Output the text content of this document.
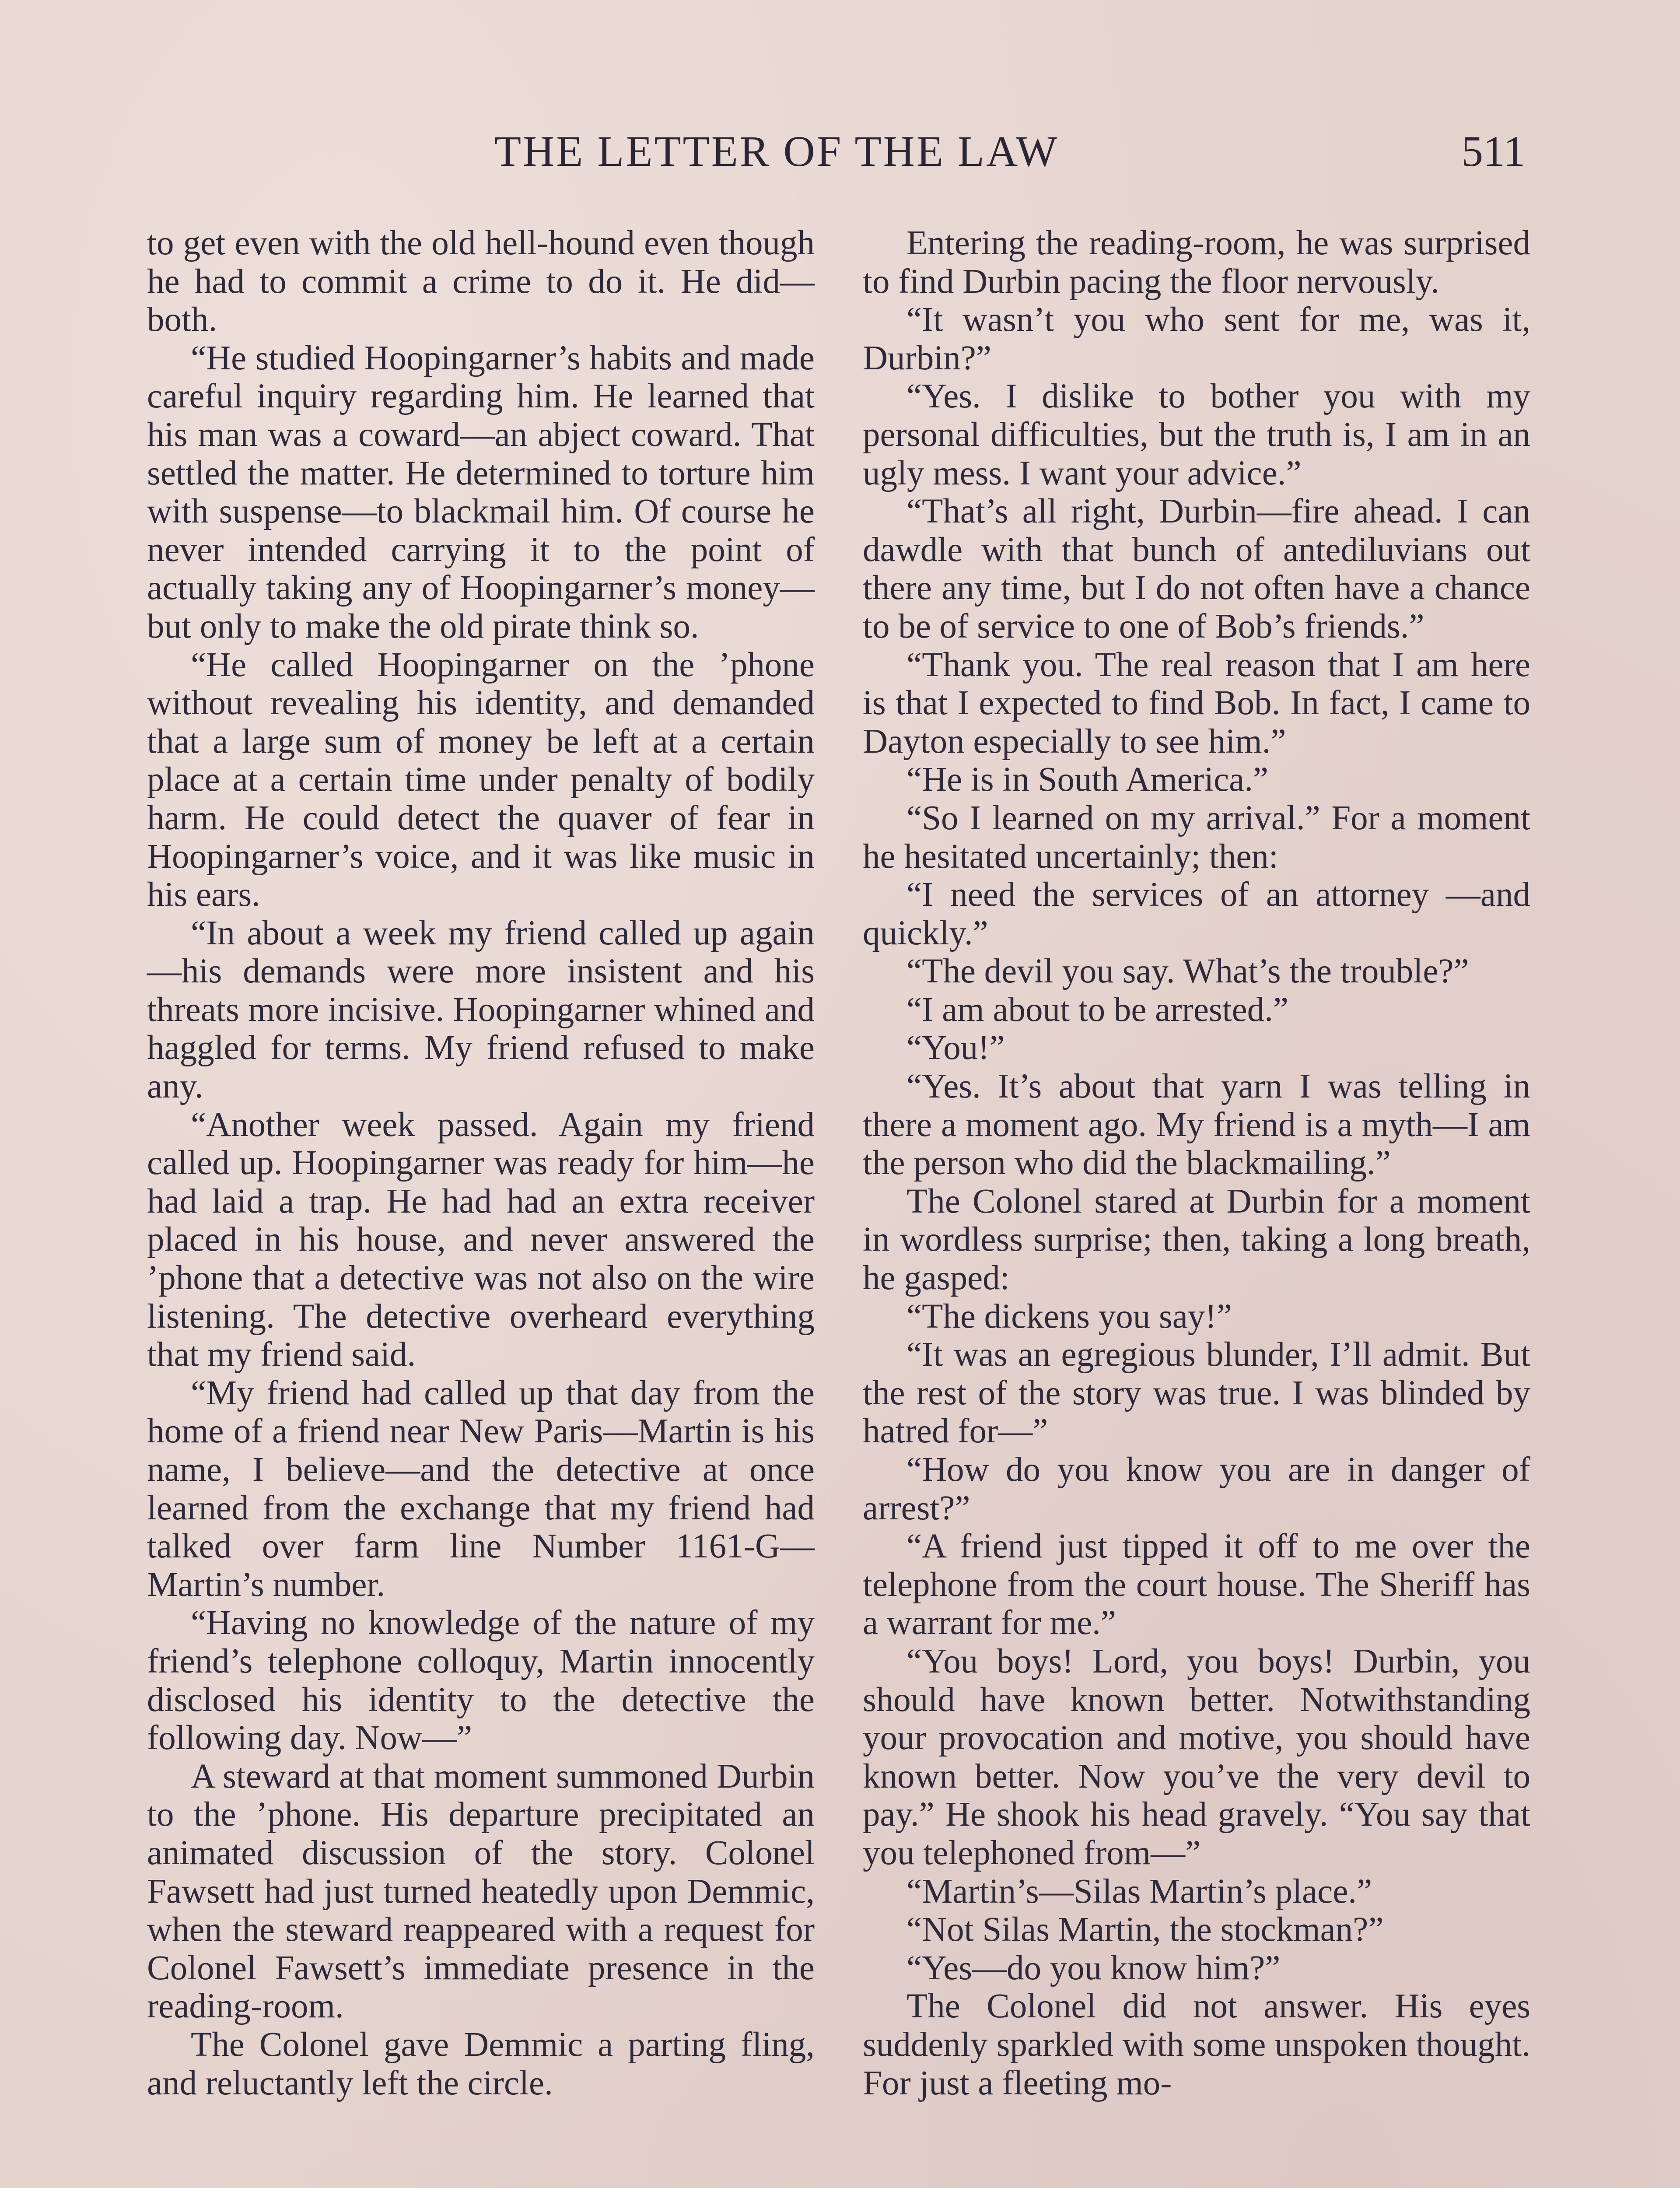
THE LETTER OF THE LAW	511

to get even with the old hell-hound even though he had to commit a crime to do it. He did—both.

“He studied Hoopingarner’s habits and made careful inquiry regarding him. He learned that his man was a coward—an abject coward. That settled the matter. He determined to torture him with suspense—to blackmail him. Of course he never intended carrying it to the point of actually taking any of Hoopingarner’s money—but only to make the old pirate think so.

“He called Hoopingarner on the ’phone without revealing his identity, and demanded that a large sum of money be left at a certain place at a certain time under penalty of bodily harm. He could detect the quaver of fear in Hoopingarner’s voice, and it was like music in his ears.

“In about a week my friend called up again—his demands were more insistent and his threats more incisive. Hoopingarner whined and haggled for terms. My friend refused to make any.

“Another week passed. Again my friend called up. Hoopingarner was ready for him—he had laid a trap. He had had an extra receiver placed in his house, and never answered the ’phone that a detective was not also on the wire listening. The detective overheard everything that my friend said.

“My friend had called up that day from the home of a friend near New Paris—Martin is his name, I believe—and the detective at once learned from the exchange that my friend had talked over farm line Number 1161-G—Martin’s number.

“Having no knowledge of the nature of my friend’s telephone colloquy, Martin innocently disclosed his identity to the detective the following day. Now—”

A steward at that moment summoned Durbin to the ’phone. His departure precipitated an animated discussion of the story. Colonel Fawsett had just turned heatedly upon Demmic, when the steward reappeared with a request for Colonel Fawsett’s immediate presence in the reading-room.

The Colonel gave Demmic a parting fling, and reluctantly left the circle.

Entering the reading-room, he was surprised to find Durbin pacing the floor nervously.

“It wasn’t you who sent for me, was it, Durbin?”

“Yes. I dislike to bother you with my personal difficulties, but the truth is, I am in an ugly mess. I want your advice.”

“That’s all right, Durbin—fire ahead. I can dawdle with that bunch of antediluvians out there any time, but I do not often have a chance to be of service to one of Bob’s friends.”

“Thank you. The real reason that I am here is that I expected to find Bob. In fact, I came to Dayton especially to see him.”

“He is in South America.”

“So I learned on my arrival.” For a moment he hesitated uncertainly; then:

“I need the services of an attorney —and quickly.”

“The devil you say. What’s the trouble?”

“I am about to be arrested.”

“You!”

“Yes. It’s about that yarn I was telling in there a moment ago. My friend is a myth—I am the person who did the blackmailing.”

The Colonel stared at Durbin for a moment in wordless surprise; then, taking a long breath, he gasped:

“The dickens you say!”

“It was an egregious blunder, I’ll admit. But the rest of the story was true. I was blinded by hatred for—”

“How do you know you are in danger of arrest?”

“A friend just tipped it off to me over the telephone from the court house. The Sheriff has a warrant for me.”

“You boys! Lord, you boys! Durbin, you should have known better. Notwithstanding your provocation and motive, you should have known better. Now you’ve the very devil to pay.” He shook his head gravely. “You say that you telephoned from—”

“Martin’s—Silas Martin’s place.”

“Not Silas Martin, the stockman?”

“Yes—do you know him?”

The Colonel did not answer. His eyes suddenly sparkled with some unspoken thought. For just a fleeting mo-
